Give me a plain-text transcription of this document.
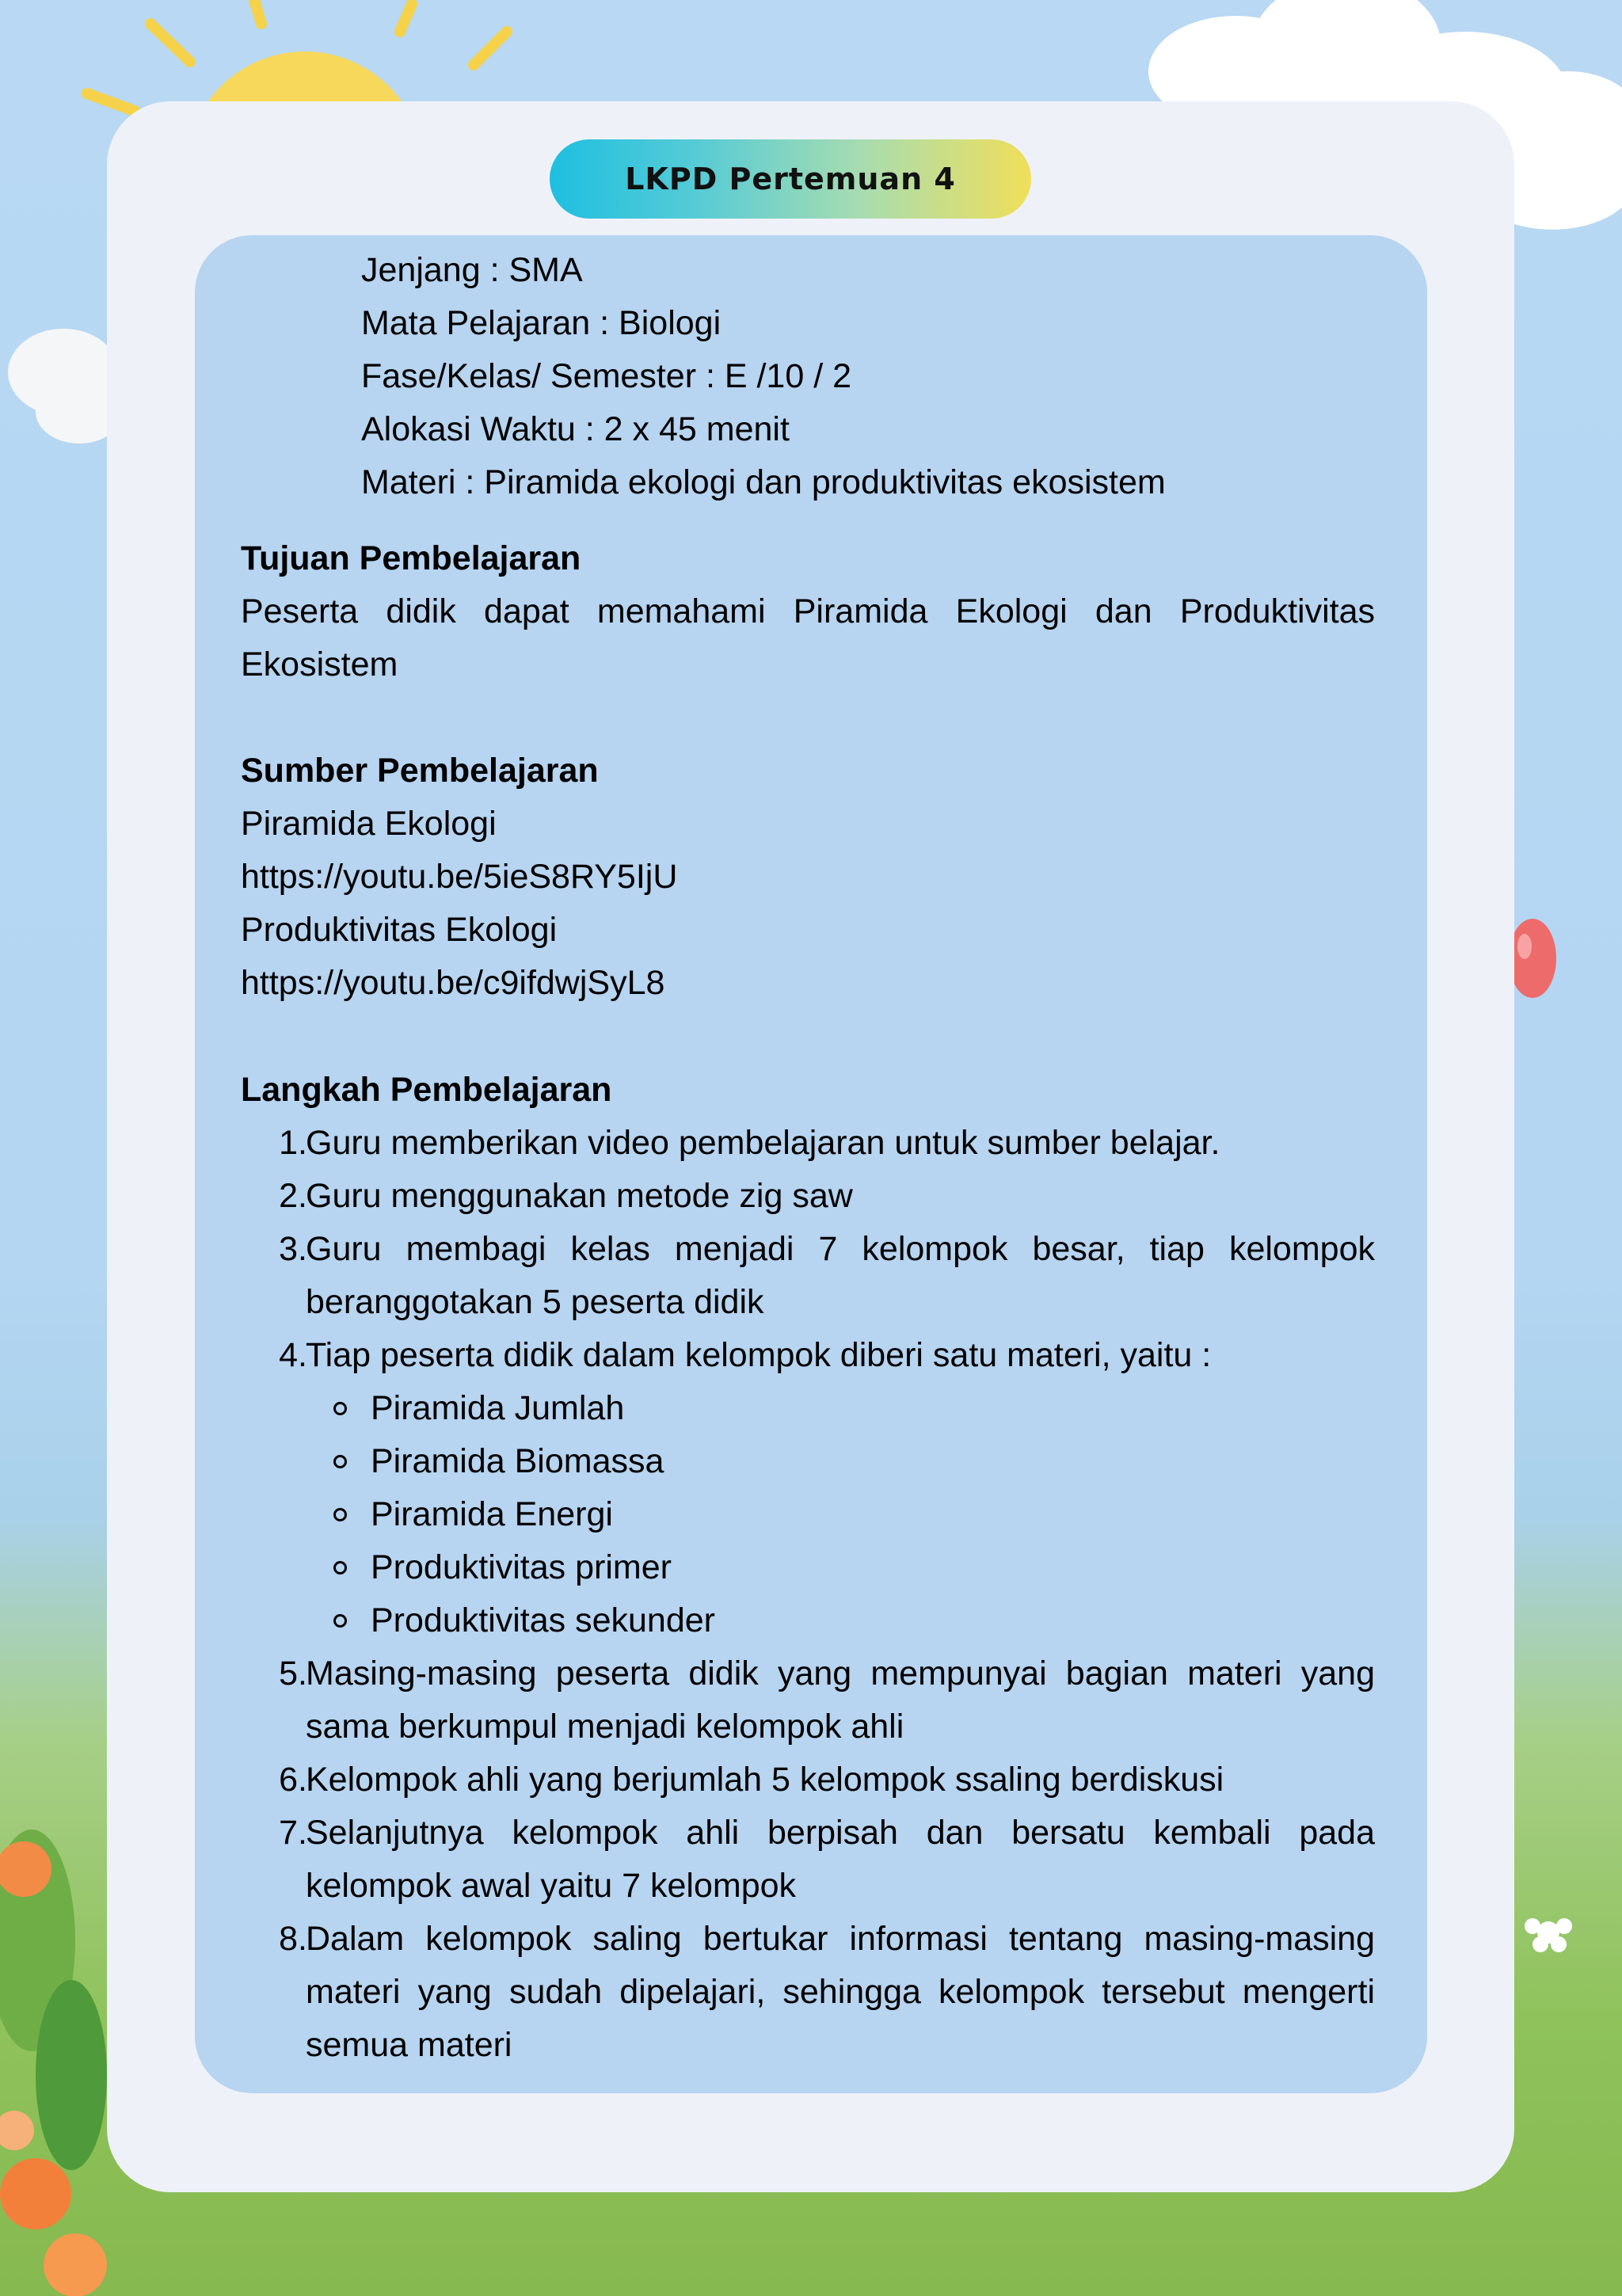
LKPD Pertemuan 4
Jenjang : SMA
Mata Pelajaran : Biologi
Fase/Kelas/ Semester : E /10 / 2
Alokasi Waktu : 2 x 45 menit
Materi : Piramida ekologi dan produktivitas ekosistem
Tujuan Pembelajaran
Peserta didik dapat memahami Piramida Ekologi dan Produktivitas
Ekosistem
Sumber Pembelajaran
Piramida Ekologi
https://youtu.be/5ieS8RY5IjU
Produktivitas Ekologi
https://youtu.be/c9ifdwjSyL8
Langkah Pembelajaran
1.
Guru memberikan video pembelajaran untuk sumber belajar.
2.
Guru menggunakan metode zig saw
3.
Guru membagi kelas menjadi 7 kelompok besar, tiap kelompok
beranggotakan 5 peserta didik
4.
Tiap peserta didik dalam kelompok diberi satu materi, yaitu :
Piramida Jumlah
Piramida Biomassa
Piramida Energi
Produktivitas primer
Produktivitas sekunder
5.
Masing-masing peserta didik yang mempunyai bagian materi yang
sama berkumpul menjadi kelompok ahli
6.
Kelompok ahli yang berjumlah 5 kelompok ssaling berdiskusi
7.
Selanjutnya kelompok ahli berpisah dan bersatu kembali pada
kelompok awal yaitu 7 kelompok
8.
Dalam kelompok saling bertukar informasi tentang masing-masing
materi yang sudah dipelajari, sehingga kelompok tersebut mengerti
semua materi
